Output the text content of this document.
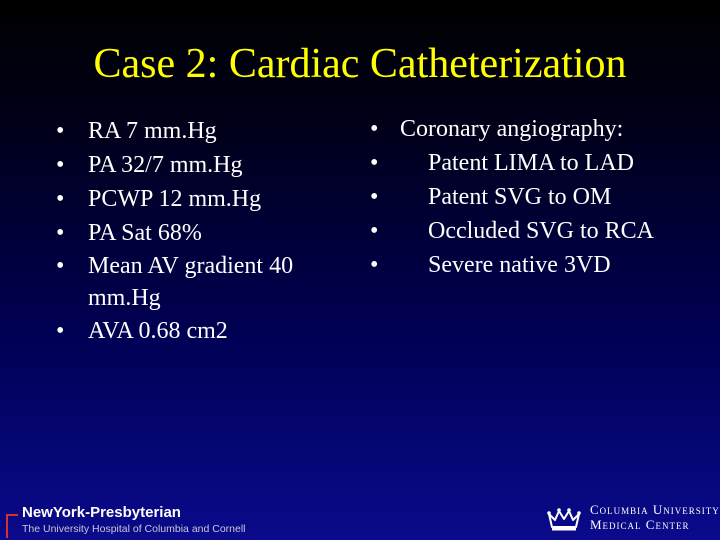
Case 2: Cardiac Catheterization
• RA 7 mm.Hg
• PA 32/7 mm.Hg
• PCWP 12 mm.Hg
• PA Sat 68%
• Mean AV gradient 40 mm.Hg
• AVA 0.68 cm2
• Coronary angiography:
• Patent LIMA to LAD
• Patent SVG to OM
• Occluded SVG to RCA
• Severe native 3VD
NewYork-Presbyterian
The University Hospital of Columbia and Cornell
Columbia University
Medical Center
